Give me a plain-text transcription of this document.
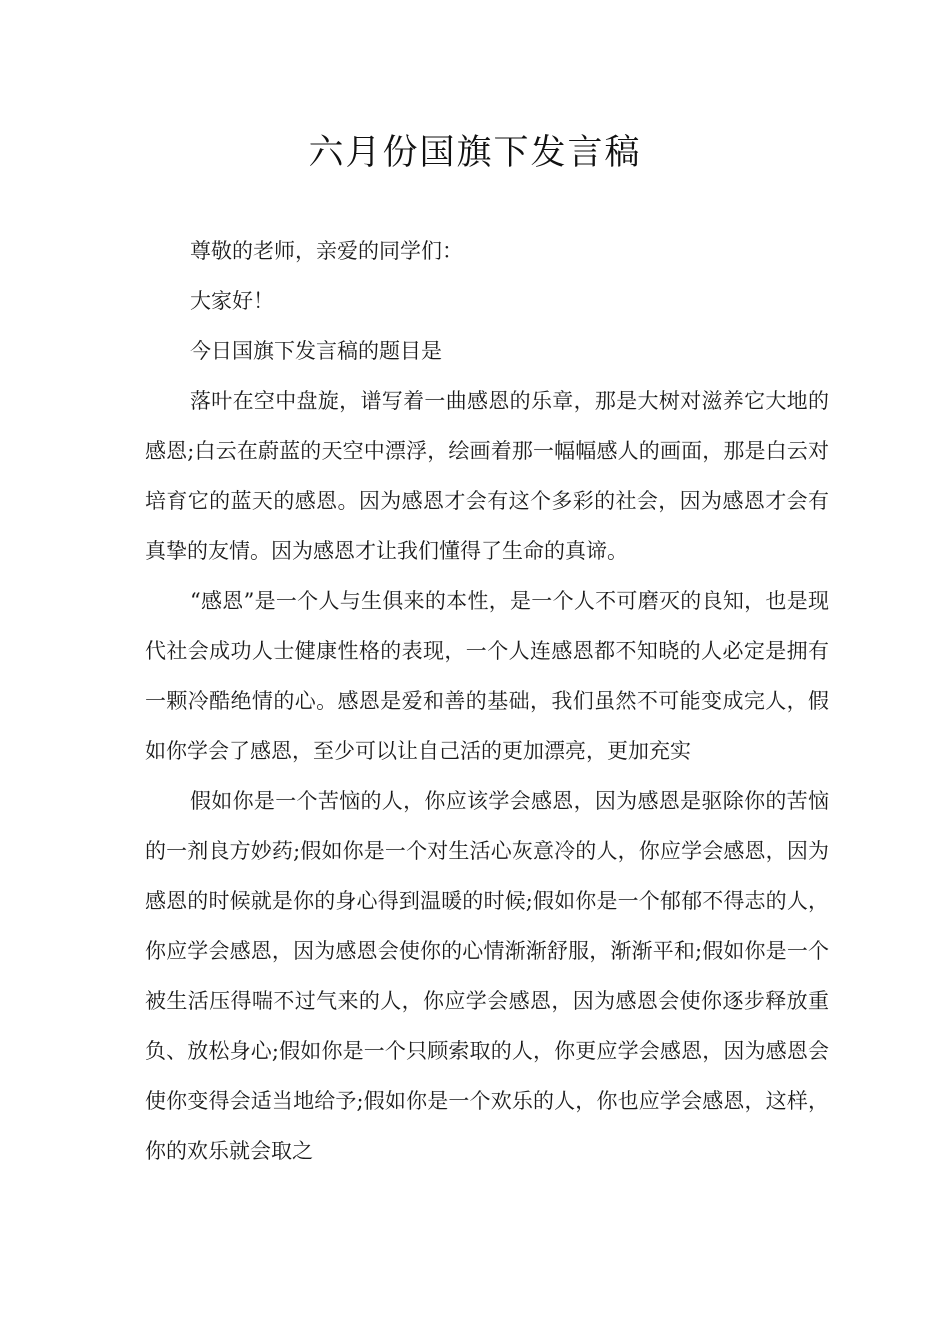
六月份国旗下发言稿

尊敬的老师，亲爱的同学们：

大家好！

今日国旗下发言稿的题目是

落叶在空中盘旋，谱写着一曲感恩的乐章，那是大树对滋养它大地的感恩;白云在蔚蓝的天空中漂浮，绘画着那一幅幅感人的画面，那是白云对培育它的蓝天的感恩。因为感恩才会有这个多彩的社会，因为感恩才会有真挚的友情。因为感恩才让我们懂得了生命的真谛。

“感恩”是一个人与生俱来的本性，是一个人不可磨灭的良知，也是现代社会成功人士健康性格的表现，一个人连感恩都不知晓的人必定是拥有一颗冷酷绝情的心。感恩是爱和善的基础，我们虽然不可能变成完人，假如你学会了感恩，至少可以让自己活的更加漂亮，更加充实

假如你是一个苦恼的人，你应该学会感恩，因为感恩是驱除你的苦恼的一剂良方妙药;假如你是一个对生活心灰意冷的人，你应学会感恩，因为感恩的时候就是你的身心得到温暖的时候;假如你是一个郁郁不得志的人，你应学会感恩，因为感恩会使你的心情渐渐舒服，渐渐平和;假如你是一个被生活压得喘不过气来的人，你应学会感恩，因为感恩会使你逐步释放重负、放松身心;假如你是一个只顾索取的人，你更应学会感恩，因为感恩会使你变得会适当地给予;假如你是一个欢乐的人，你也应学会感恩，这样，你的欢乐就会取之
